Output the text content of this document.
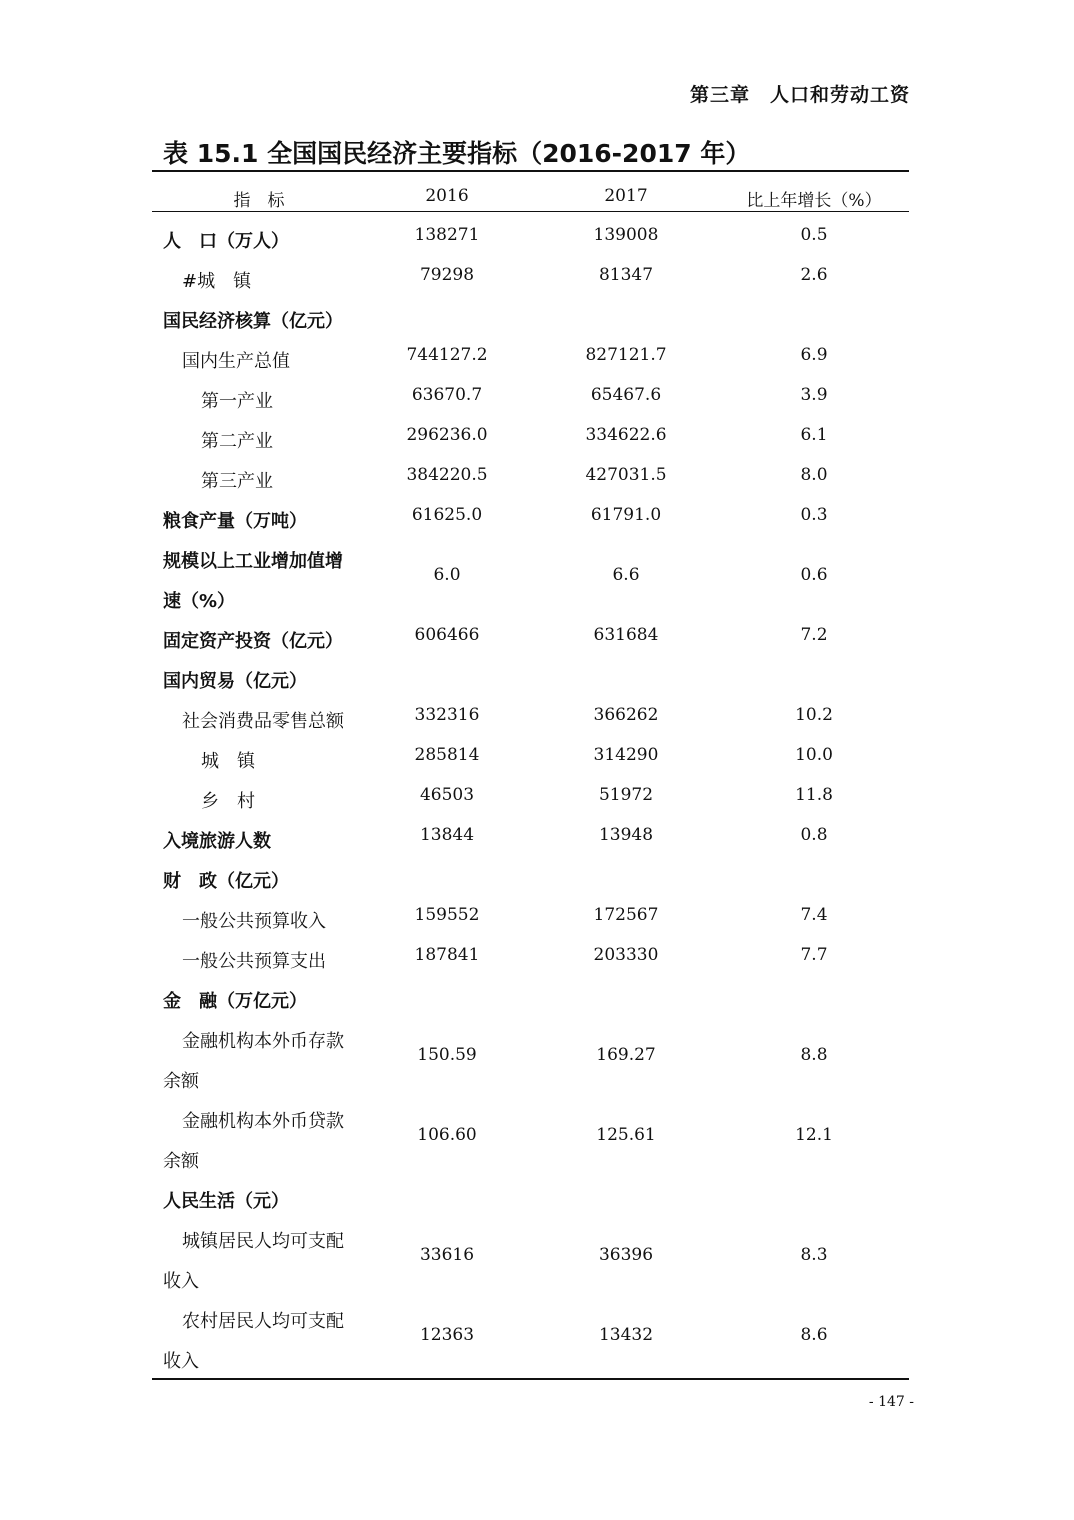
第三章　人口和劳动工资
表 15.1 全国国民经济主要指标（2016-2017 年）
指　标	2016	2017	比上年增长（%）
人　口（万人）	138271	139008	0.5
#城　镇	79298	81347	2.6
国民经济核算（亿元）
国内生产总值	744127.2	827121.7	6.9
第一产业	63670.7	65467.6	3.9
第二产业	296236.0	334622.6	6.1
第三产业	384220.5	427031.5	8.0
粮食产量（万吨）	61625.0	61791.0	0.3
规模以上工业增加值增
速（%）
6.0	6.6	0.6
固定资产投资（亿元）	606466	631684	7.2
国内贸易（亿元）
社会消费品零售总额	332316	366262	10.2
城　镇	285814	314290	10.0
乡　村	46503	51972	11.8
入境旅游人数	13844	13948	0.8
财　政（亿元）
一般公共预算收入	159552	172567	7.4
一般公共预算支出	187841	203330	7.7
金　融（万亿元）
金融机构本外币存款
余额
150.59	169.27	8.8
金融机构本外币贷款
余额
106.60	125.61	12.1
人民生活（元）
城镇居民人均可支配
收入
33616	36396	8.3
农村居民人均可支配
收入
12363	13432	8.6
- 147 -
